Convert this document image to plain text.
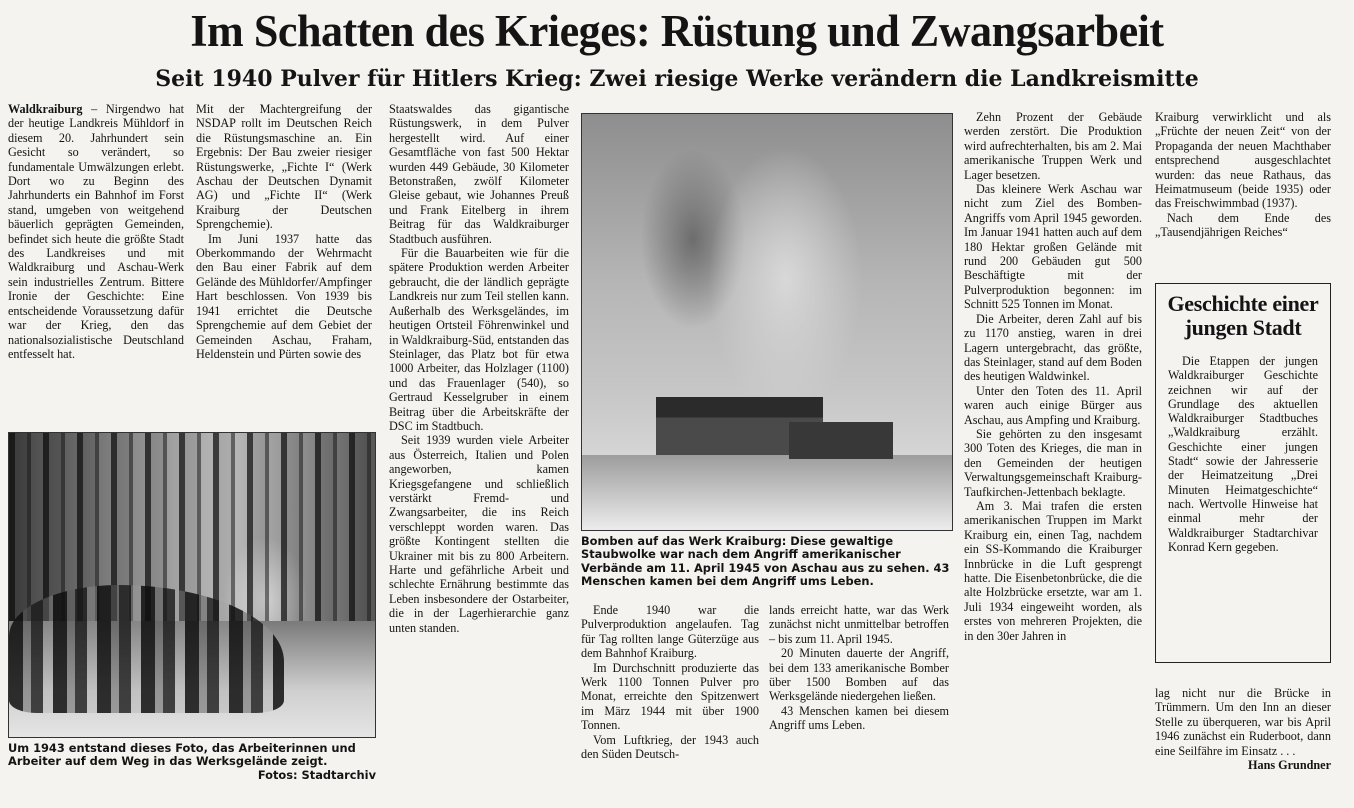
Im Schatten des Krieges: Rüstung und Zwangsarbeit
Seit 1940 Pulver für Hitlers Krieg: Zwei riesige Werke verändern die Landkreismitte

Waldkraiburg – Nirgendwo hat der heutige Landkreis Mühldorf in diesem 20. Jahrhundert sein Gesicht so verändert, so fundamentale Umwälzungen erlebt. Dort wo zu Beginn des Jahrhunderts ein Bahnhof im Forst stand, umgeben von weitgehend bäuerlich geprägten Gemeinden, befindet sich heute die größte Stadt des Landkreises und mit Waldkraiburg und Aschau-Werk sein industrielles Zentrum. Bittere Ironie der Geschichte: Eine entscheidende Voraussetzung dafür war der Krieg, den das nationalsozialistische Deutschland entfesselt hat.

Mit der Machtergreifung der NSDAP rollt im Deutschen Reich die Rüstungsmaschine an. Ein Ergebnis: Der Bau zweier riesiger Rüstungswerke, „Fichte I“ (Werk Aschau der Deutschen Dynamit AG) und „Fichte II“ (Werk Kraiburg der Deutschen Sprengchemie).

Im Juni 1937 hatte das Oberkommando der Wehrmacht den Bau einer Fabrik auf dem Gelände des Mühldorfer/Ampfinger Hart beschlossen. Von 1939 bis 1941 errichtet die Deutsche Sprengchemie auf dem Gebiet der Gemeinden Aschau, Fraham, Heldenstein und Pürten sowie des

Staatswaldes das gigantische Rüstungswerk, in dem Pulver hergestellt wird. Auf einer Gesamtfläche von fast 500 Hektar wurden 449 Gebäude, 30 Kilometer Betonstraßen, zwölf Kilometer Gleise gebaut, wie Johannes Preuß und Frank Eitelberg in ihrem Beitrag für das Waldkraiburger Stadtbuch ausführen.

Für die Bauarbeiten wie für die spätere Produktion werden Arbeiter gebraucht, die der ländlich geprägte Landkreis nur zum Teil stellen kann. Außerhalb des Werksgeländes, im heutigen Ortsteil Föhrenwinkel und in Waldkraiburg-Süd, entstanden das Steinlager, das Platz bot für etwa 1000 Arbeiter, das Holzlager (1100) und das Frauenlager (540), so Gertraud Kesselgruber in einem Beitrag über die Arbeitskräfte der DSC im Stadtbuch.

Seit 1939 wurden viele Arbeiter aus Österreich, Italien und Polen angeworben, kamen Kriegsgefangene und schließlich verstärkt Fremd- und Zwangsarbeiter, die ins Reich verschleppt worden waren. Das größte Kontingent stellten die Ukrainer mit bis zu 800 Arbeitern. Harte und gefährliche Arbeit und schlechte Ernährung bestimmte das Leben insbesondere der Ostarbeiter, die in der Lagerhierarchie ganz unten standen.

Um 1943 entstand dieses Foto, das Arbeiterinnen und Arbeiter auf dem Weg in das Werksgelände zeigt.
Fotos: Stadtarchiv
Bomben auf das Werk Kraiburg: Diese gewaltige Staubwolke war nach dem Angriff amerikanischer Verbände am 11. April 1945 von Aschau aus zu sehen. 43 Menschen kamen bei dem Angriff ums Leben.

Ende 1940 war die Pulverproduktion angelaufen. Tag für Tag rollten lange Güterzüge aus dem Bahnhof Kraiburg.

Im Durchschnitt produzierte das Werk 1100 Tonnen Pulver pro Monat, erreichte den Spitzenwert im März 1944 mit über 1900 Tonnen.

Vom Luftkrieg, der 1943 auch den Süden Deutsch-

lands erreicht hatte, war das Werk zunächst nicht unmittelbar betroffen – bis zum 11. April 1945.

20 Minuten dauerte der Angriff, bei dem 133 amerikanische Bomber über 1500 Bomben auf das Werksgelände niedergehen ließen.

43 Menschen kamen bei diesem Angriff ums Leben.

Zehn Prozent der Gebäude werden zerstört. Die Produktion wird aufrechterhalten, bis am 2. Mai amerikanische Truppen Werk und Lager besetzen.

Das kleinere Werk Aschau war nicht zum Ziel des Bomben-Angriffs vom April 1945 geworden. Im Januar 1941 hatten auch auf dem 180 Hektar großen Gelände mit rund 200 Gebäuden gut 500 Beschäftigte mit der Pulverproduktion begonnen: im Schnitt 525 Tonnen im Monat.

Die Arbeiter, deren Zahl auf bis zu 1170 anstieg, waren in drei Lagern untergebracht, das größte, das Steinlager, stand auf dem Boden des heutigen Waldwinkel.

Unter den Toten des 11. April waren auch einige Bürger aus Aschau, aus Ampfing und Kraiburg.

Sie gehörten zu den insgesamt 300 Toten des Krieges, die man in den Gemeinden der heutigen Verwaltungsgemeinschaft Kraiburg-Taufkirchen-Jettenbach beklagte.

Am 3. Mai trafen die ersten amerikanischen Truppen im Markt Kraiburg ein, einen Tag, nachdem ein SS-Kommando die Kraiburger Innbrücke in die Luft gesprengt hatte. Die Eisenbetonbrücke, die die alte Holzbrücke ersetzte, war am 1. Juli 1934 eingeweiht worden, als erstes von mehreren Projekten, die in den 30er Jahren in

Kraiburg verwirklicht und als „Früchte der neuen Zeit“ von der Propaganda der neuen Machthaber entsprechend ausgeschlachtet wurden: das neue Rathaus, das Heimatmuseum (beide 1935) oder das Freischwimmbad (1937).

Nach dem Ende des „Tausendjährigen Reiches“

Geschichte einer jungen Stadt

Die Etappen der jungen Waldkraiburger Geschichte zeichnen wir auf der Grundlage des aktuellen Waldkraiburger Stadtbuches „Waldkraiburg erzählt. Geschichte einer jungen Stadt“ sowie der Jahresserie der Heimatzeitung „Drei Minuten Heimatgeschichte“ nach. Wertvolle Hinweise hat einmal mehr der Waldkraiburger Stadtarchivar Konrad Kern gegeben.

lag nicht nur die Brücke in Trümmern. Um den Inn an dieser Stelle zu überqueren, war bis April 1946 zunächst ein Ruderboot, dann eine Seilfähre im Einsatz . . .
Hans Grundner
